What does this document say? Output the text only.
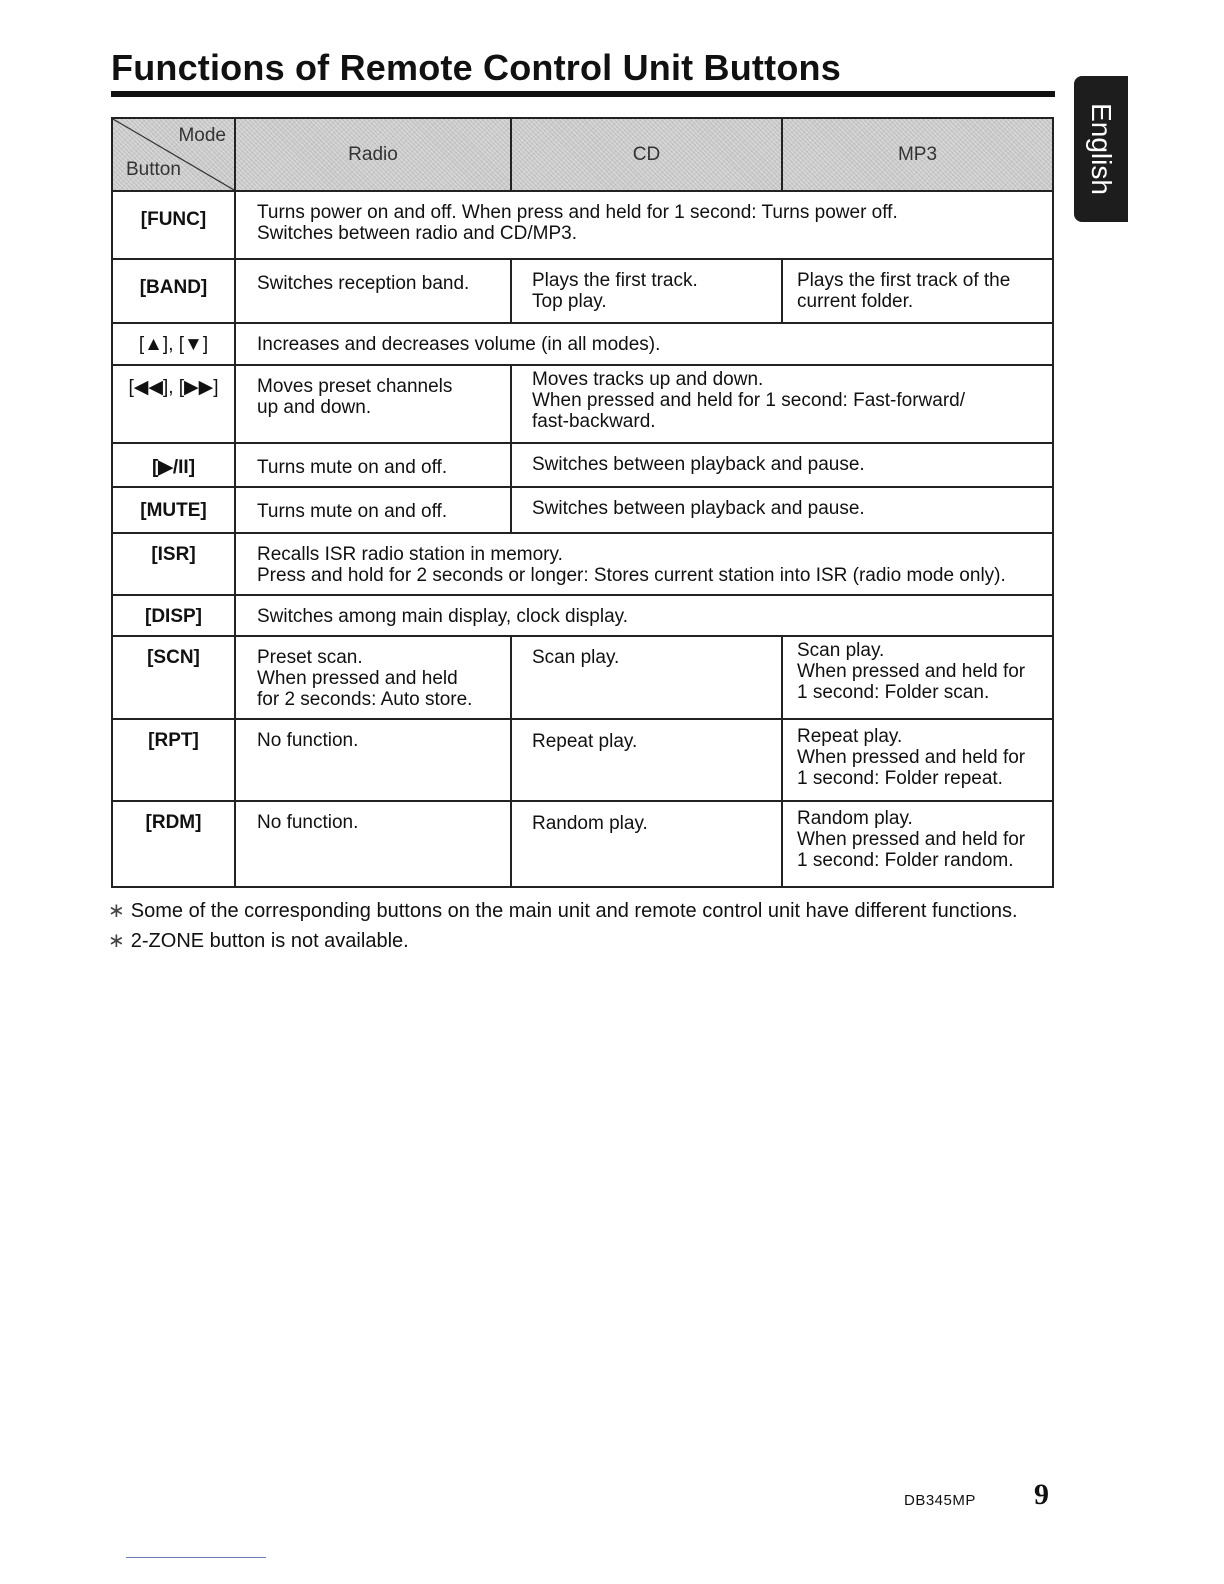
Functions of Remote Control Unit Buttons
English
Mode
Button	Radio	CD	MP3
[FUNC]	Turns power on and off. When press and held for 1 second: Turns power off.
Switches between radio and CD/MP3.		

[BAND]	Switches reception band.	Plays the first track.
Top play.	Plays the first track of the
current folder.
[▲], [▼]	Increases and decreases volume (in all modes).		
[◀◀], [▶▶]	Moves preset channels
up and down.	Moves tracks up and down.
When pressed and held for 1 second: Fast-forward/
fast-backward.	
[▶/II]	Turns mute on and off.	Switches between playback and pause.	
[MUTE]	Turns mute on and off.	Switches between playback and pause.	
[ISR]	Recalls ISR radio station in memory.
Press and hold for 2 seconds or longer: Stores current station into ISR (radio mode only).		

[DISP]	Switches among main display, clock display.		
[SCN]	Preset scan.
When pressed and held
for 2 seconds: Auto store.	Scan play.	Scan play.
When pressed and held for
1 second: Folder scan.
[RPT]	No function.	Repeat play.	Repeat play.
When pressed and held for
1 second: Folder repeat.
[RDM]	No function.	Random play.	Random play.
When pressed and held for
1 second: Folder random.
∗ Some of the corresponding buttons on the main unit and remote control unit have different functions.
∗ 2-ZONE button is not available.
DB345MP 9
